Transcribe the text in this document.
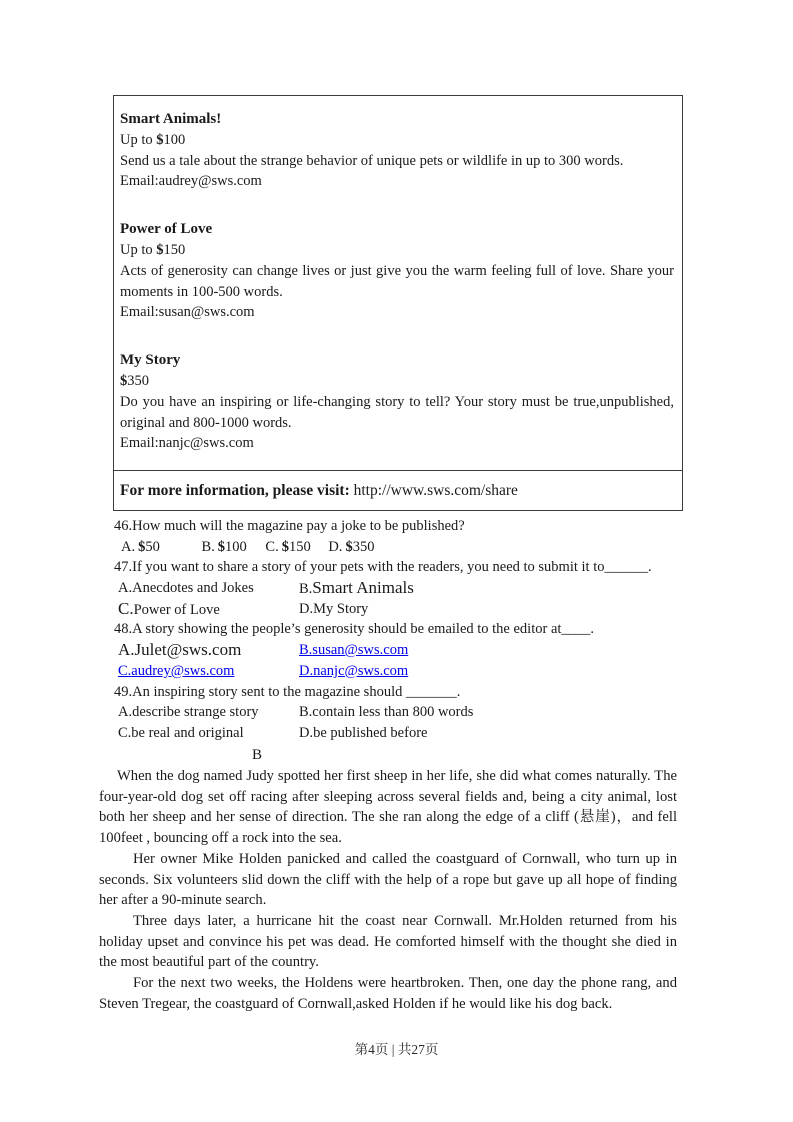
Smart Animals!
Up to $100
Send us a tale about the strange behavior of unique pets or wildlife in up to 300 words.
Email:audrey@sws.com
Power of Love
Up to $150
Acts of generosity can change lives or just give you the warm feeling full of love. Share your moments in 100-500 words.
Email:susan@sws.com
My Story
$350
Do you have an inspiring or life-changing story to tell? Your story must be true,unpublished, original and 800-1000 words.
Email:nanjc@sws.com
For more information, please visit: http://www.sws.com/share
46.How much will the magazine pay a joke to be published?
A. $50	B. $100 C. $150 D. $350
47.If you want to share a story of your pets with the readers, you need to submit it to______.
A.Anecdotes and Jokes	B.Smart Animals
C.Power of Love	D.My Story
48.A story showing the people’s generosity should be emailed to the editor at____.
A.Julet@sws.com	B.susan@sws.com
C.audrey@sws.com	D.nanjc@sws.com
49.An inspiring story sent to the magazine should _______.
A.describe strange story	B.contain less than 800 words
C.be real and original	D.be published before
B

When the dog named Judy spotted her first sheep in her life, she did what comes naturally. The four-year-old dog set off racing after sleeping across several fields and, being a city animal, lost both her sheep and her sense of direction. The she ran along the edge of a cliff (悬崖)，and fell 100feet , bouncing off a rock into the sea.

Her owner Mike Holden panicked and called the coastguard of Cornwall, who turn up in seconds. Six volunteers slid down the cliff with the help of a rope but gave up all hope of finding her after a 90-minute search.

Three days later, a hurricane hit the coast near Cornwall. Mr.Holden returned from his holiday upset and convince his pet was dead. He comforted himself with the thought she died in the most beautiful part of the country.

For the next two weeks, the Holdens were heartbroken. Then, one day the phone rang, and Steven Tregear, the coastguard of Cornwall,asked Holden if he would like his dog back.

第4页 | 共27页
